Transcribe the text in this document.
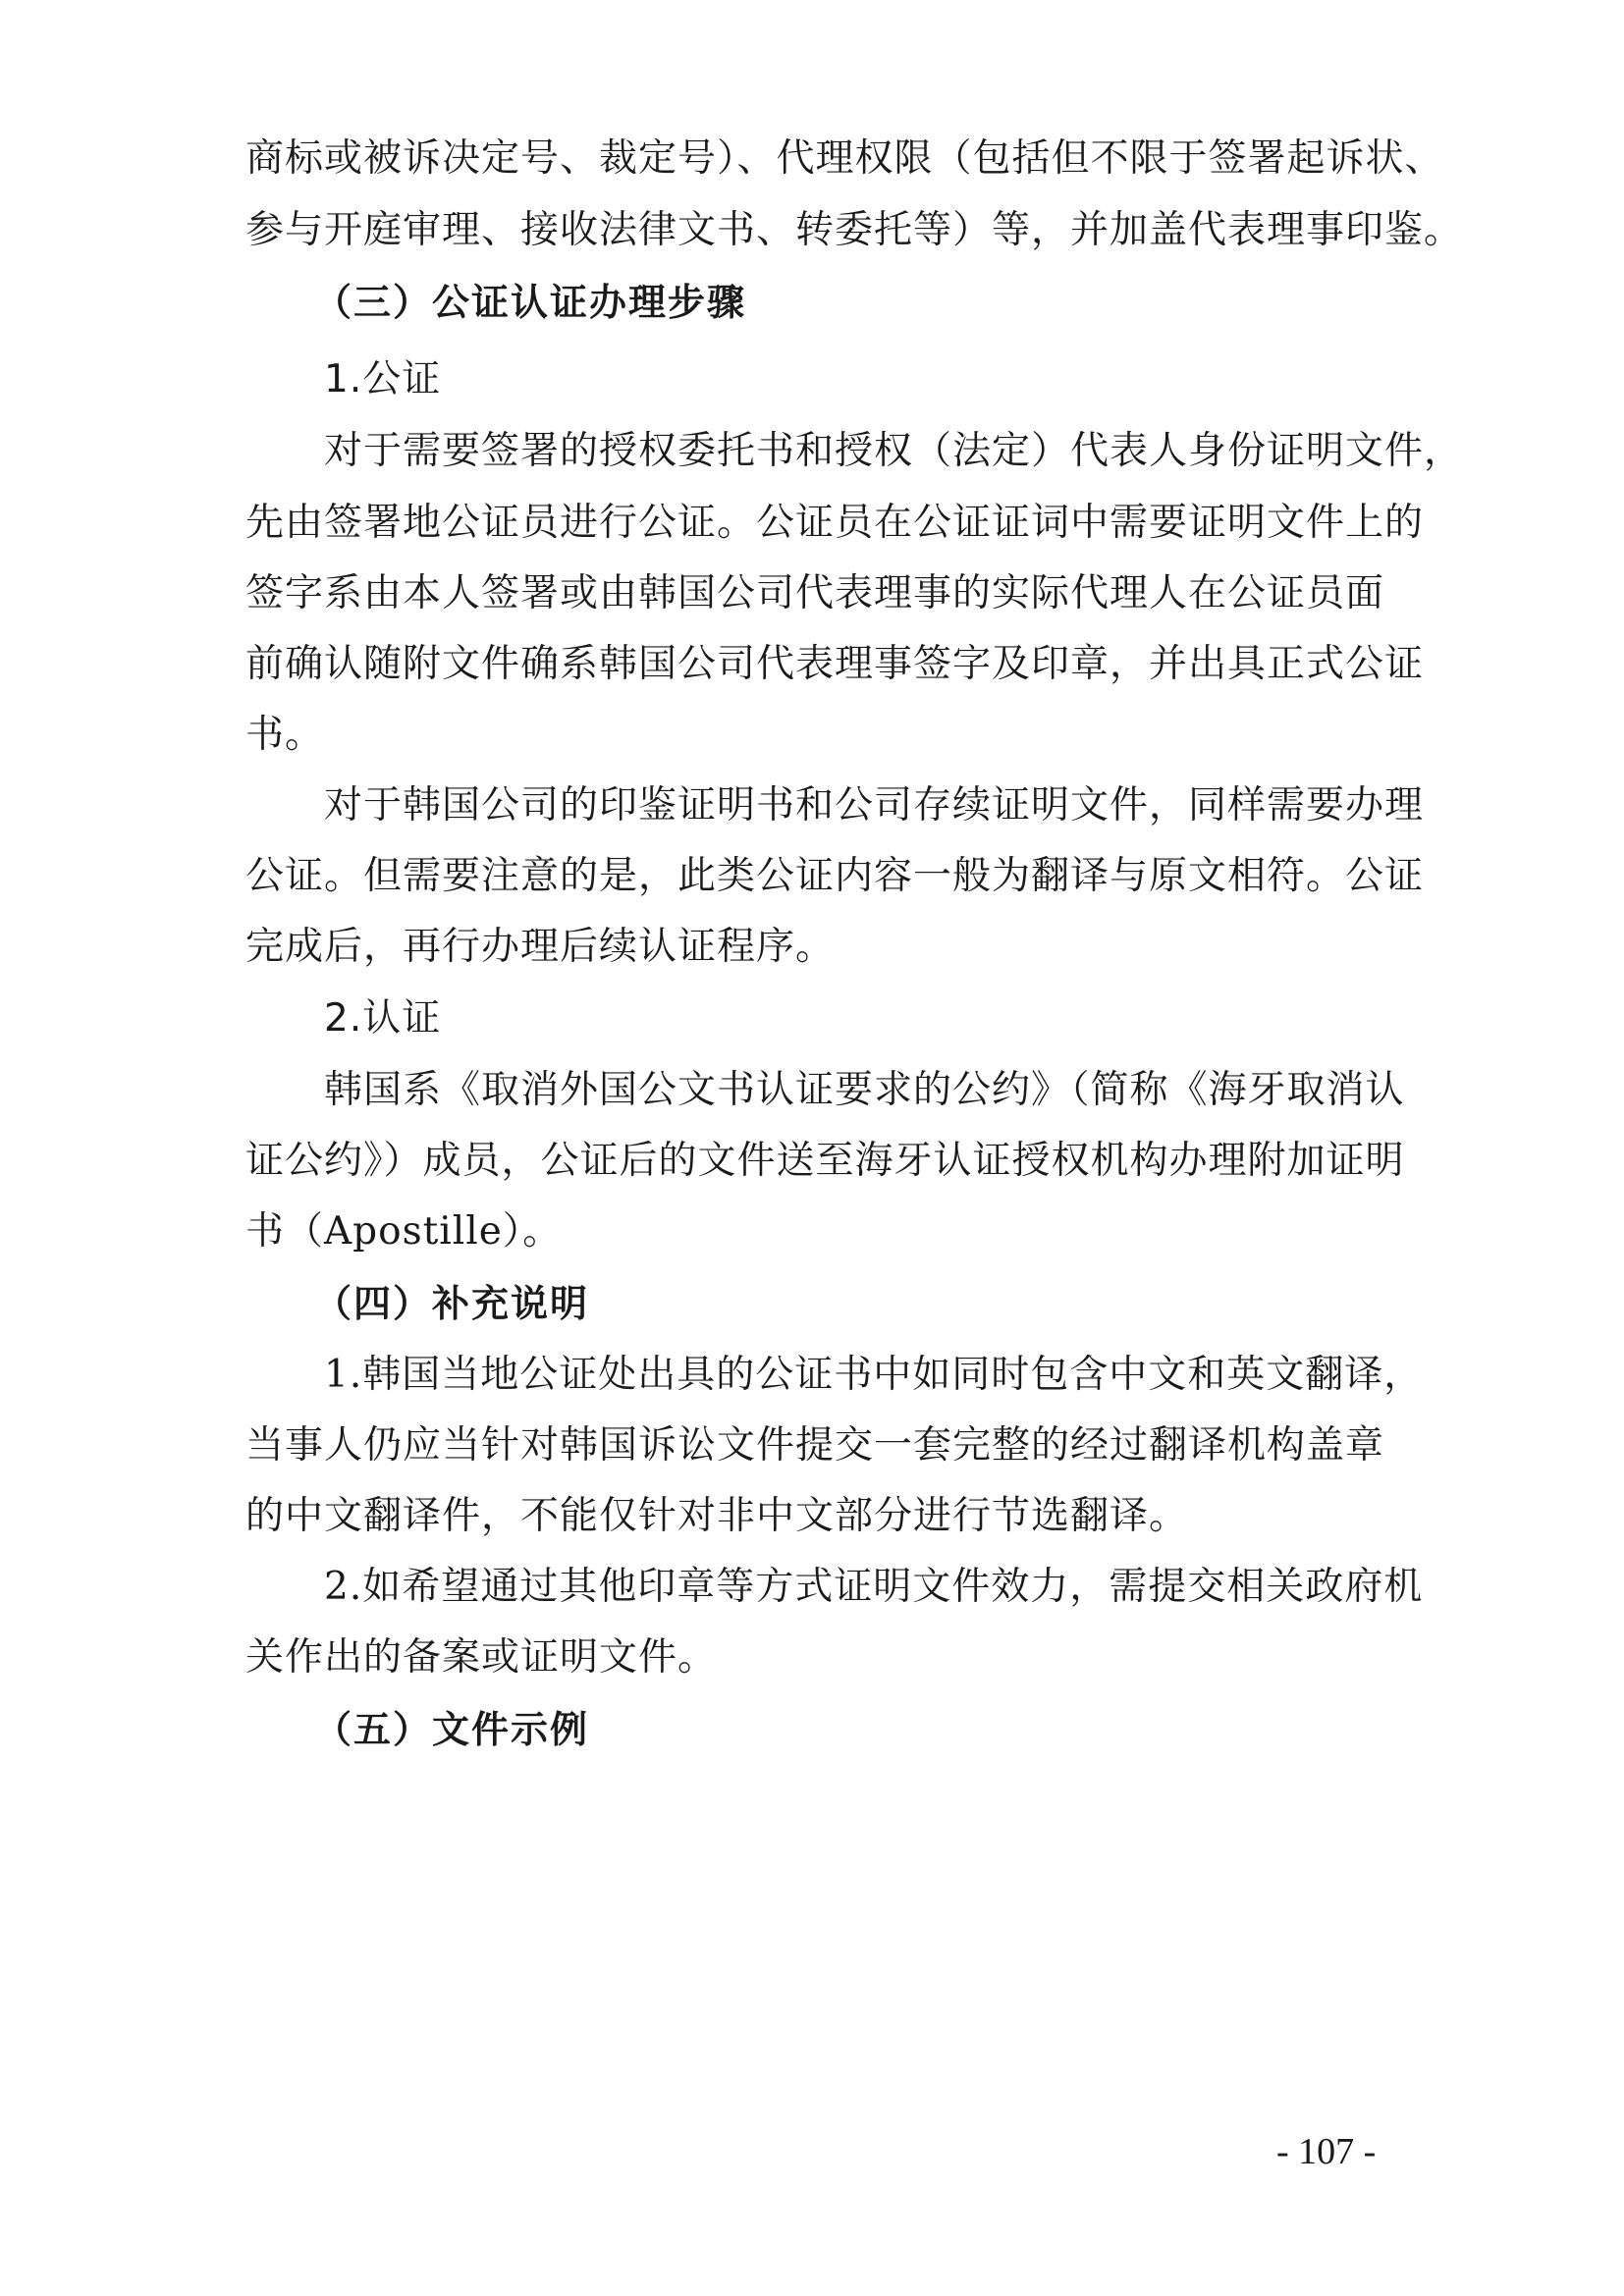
商标或被诉决定号、裁定号）、代理权限（包括但不限于签署起诉状、
参与开庭审理、接收法律文书、转委托等）等，并加盖代表理事印鉴。
（三）公证认证办理步骤
1.公证
对于需要签署的授权委托书和授权（法定）代表人身份证明文件，
先由签署地公证员进行公证。公证员在公证证词中需要证明文件上的
签字系由本人签署或由韩国公司代表理事的实际代理人在公证员面
前确认随附文件确系韩国公司代表理事签字及印章，并出具正式公证
书。
对于韩国公司的印鉴证明书和公司存续证明文件，同样需要办理
公证。但需要注意的是，此类公证内容一般为翻译与原文相符。公证
完成后，再行办理后续认证程序。
2.认证
韩国系《取消外国公文书认证要求的公约》（简称《海牙取消认
证公约》）成员，公证后的文件送至海牙认证授权机构办理附加证明
书（Apostille）。
（四）补充说明
1.韩国当地公证处出具的公证书中如同时包含中文和英文翻译，
当事人仍应当针对韩国诉讼文件提交一套完整的经过翻译机构盖章
的中文翻译件，不能仅针对非中文部分进行节选翻译。
2.如希望通过其他印章等方式证明文件效力，需提交相关政府机
关作出的备案或证明文件。
（五）文件示例
- 107 -
